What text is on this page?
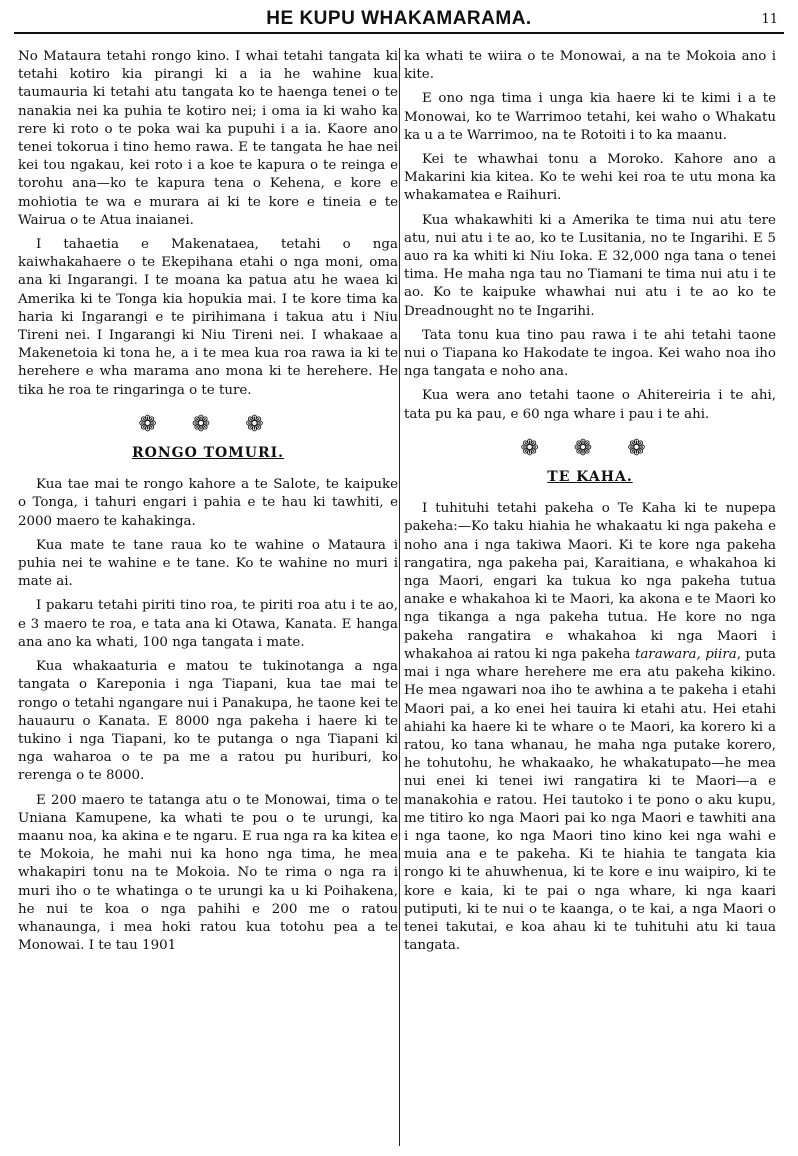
HE KUPU WHAKAMARAMA.	11

No Mataura tetahi rongo kino. I whai tetahi tangata ki tetahi kotiro kia pirangi ki a ia he wahine kua taumauria ki tetahi atu tangata ko te haenga tenei o te nanakia nei ka puhia te kotiro nei; i oma ia ki waho ka rere ki roto o te poka wai ka pupuhi i a ia. Kaore ano tenei tokorua i tino hemo rawa. E te tangata he hae nei kei tou ngakau, kei roto i a koe te kapura o te reinga e torohu ana—ko te kapura tena o Kehena, e kore e mohiotia te wa e murara ai ki te kore e tineia e te Wairua o te Atua inaianei.

I tahaetia e Makenataea, tetahi o nga kaiwhakahaere o te Ekepihana etahi o nga moni, oma ana ki Ingarangi. I te moana ka patua atu he waea ki Amerika ki te Tonga kia hopukia mai. I te kore tima ka haria ki Ingarangi e te pirihimana i takua atu i Niu Tireni nei. I Ingarangi ki Niu Tireni nei. I whakaae a Makenetoia ki tona he, a i te mea kua roa rawa ia ki te herehere e wha marama ano mona ki te herehere. He tika he roa te ringaringa o te ture.

❁ ❁ ❁
RONGO TOMURI.

Kua tae mai te rongo kahore a te Salote, te kaipuke o Tonga, i tahuri engari i pahia e te hau ki tawhiti, e 2000 maero te kahakinga.

Kua mate te tane raua ko te wahine o Mataura i puhia nei te wahine e te tane. Ko te wahine no muri i mate ai.

I pakaru tetahi piriti tino roa, te piriti roa atu i te ao, e 3 maero te roa, e tata ana ki Otawa, Kanata. E hanga ana ano ka whati, 100 nga tangata i mate.

Kua whakaaturia e matou te tukinotanga a nga tangata o Kareponia i nga Tiapani, kua tae mai te rongo o tetahi ngangare nui i Panakupa, he taone kei te hauauru o Kanata. E 8000 nga pakeha i haere ki te tukino i nga Tiapani, ko te putanga o nga Tiapani ki nga waharoa o te pa me a ratou pu huriburi, ko rerenga o te 8000.

E 200 maero te tatanga atu o te Monowai, tima o te Uniana Kamupene, ka whati te pou o te urungi, ka maanu noa, ka akina e te ngaru. E rua nga ra ka kitea e te Mokoia, he mahi nui ka hono nga tima, he mea whakapiri tonu na te Mokoia. No te rima o nga ra i muri iho o te whatinga o te urungi ka u ki Poihakena, he nui te koa o nga pahihi e 200 me o ratou whanaunga, i mea hoki ratou kua totohu pea a te Monowai. I te tau 1901

ka whati te wiira o te Monowai, a na te Mokoia ano i kite.

E ono nga tima i unga kia haere ki te kimi i a te Monowai, ko te Warrimoo tetahi, kei waho o Whakatu ka u a te Warrimoo, na te Rotoiti i to ka maanu.

Kei te whawhai tonu a Moroko. Kahore ano a Makarini kia kitea. Ko te wehi kei roa te utu mona ka whakamatea e Raihuri.

Kua whakawhiti ki a Amerika te tima nui atu tere atu, nui atu i te ao, ko te Lusitania, no te Ingarihi. E 5 auo ra ka whiti ki Niu Ioka. E 32,000 nga tana o tenei tima. He maha nga tau no Tiamani te tima nui atu i te ao. Ko te kaipuke whawhai nui atu i te ao ko te Dreadnought no te Ingarihi.

Tata tonu kua tino pau rawa i te ahi tetahi taone nui o Tiapana ko Hakodate te ingoa. Kei waho noa iho nga tangata e noho ana.

Kua wera ano tetahi taone o Ahitereiria i te ahi, tata pu ka pau, e 60 nga whare i pau i te ahi.

❁ ❁ ❁
TE KAHA.

I tuhituhi tetahi pakeha o Te Kaha ki te nupepa pakeha:—Ko taku hiahia he whakaatu ki nga pakeha e noho ana i nga takiwa Maori. Ki te kore nga pakeha rangatira, nga pakeha pai, Karaitiana, e whakahoa ki nga Maori, engari ka tukua ko nga pakeha tutua anake e whakahoa ki te Maori, ka akona e te Maori ko nga tikanga a nga pakeha tutua. He kore no nga pakeha rangatira e whakahoa ki nga Maori i whakahoa ai ratou ki nga pakeha tarawara, piira, puta mai i nga whare herehere me era atu pakeha kikino. He mea ngawari noa iho te awhina a te pakeha i etahi Maori pai, a ko enei hei tauira ki etahi atu. Hei etahi ahiahi ka haere ki te whare o te Maori, ka korero ki a ratou, ko tana whanau, he maha nga putake korero, he tohutohu, he whakaako, he whakatupato—he mea nui enei ki tenei iwi rangatira ki te Maori—a e manakohia e ratou. Hei tautoko i te pono o aku kupu, me titiro ko nga Maori pai ko nga Maori e tawhiti ana i nga taone, ko nga Maori tino kino kei nga wahi e muia ana e te pakeha. Ki te hiahia te tangata kia rongo ki te ahuwhenua, ki te kore e inu waipiro, ki te kore e kaia, ki te pai o nga whare, ki nga kaari putiputi, ki te nui o te kaanga, o te kai, a nga Maori o tenei takutai, e koa ahau ki te tuhituhi atu ki taua tangata.
